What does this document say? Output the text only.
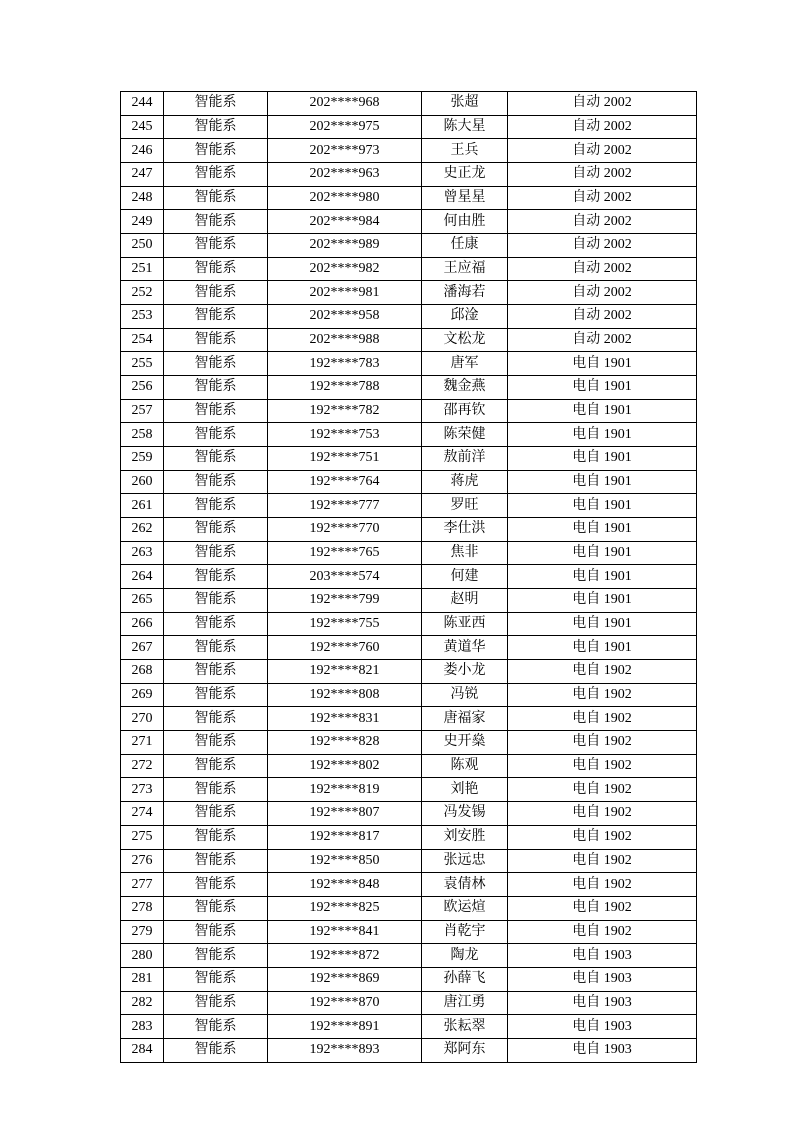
244	智能系	202****968	张超	自动 2002
245	智能系	202****975	陈大星	自动 2002
246	智能系	202****973	王兵	自动 2002
247	智能系	202****963	史正龙	自动 2002
248	智能系	202****980	曾星星	自动 2002
249	智能系	202****984	何由胜	自动 2002
250	智能系	202****989	任康	自动 2002
251	智能系	202****982	王应福	自动 2002
252	智能系	202****981	潘海若	自动 2002
253	智能系	202****958	邱淦	自动 2002
254	智能系	202****988	文松龙	自动 2002
255	智能系	192****783	唐军	电自 1901
256	智能系	192****788	魏金燕	电自 1901
257	智能系	192****782	邵再钦	电自 1901
258	智能系	192****753	陈荣健	电自 1901
259	智能系	192****751	敖前洋	电自 1901
260	智能系	192****764	蒋虎	电自 1901
261	智能系	192****777	罗旺	电自 1901
262	智能系	192****770	李仕洪	电自 1901
263	智能系	192****765	焦非	电自 1901
264	智能系	203****574	何建	电自 1901
265	智能系	192****799	赵明	电自 1901
266	智能系	192****755	陈亚西	电自 1901
267	智能系	192****760	黄道华	电自 1901
268	智能系	192****821	娄小龙	电自 1902
269	智能系	192****808	冯锐	电自 1902
270	智能系	192****831	唐福家	电自 1902
271	智能系	192****828	史开燊	电自 1902
272	智能系	192****802	陈观	电自 1902
273	智能系	192****819	刘艳	电自 1902
274	智能系	192****807	冯发锡	电自 1902
275	智能系	192****817	刘安胜	电自 1902
276	智能系	192****850	张远忠	电自 1902
277	智能系	192****848	袁倩林	电自 1902
278	智能系	192****825	欧运煊	电自 1902
279	智能系	192****841	肖乾宇	电自 1902
280	智能系	192****872	陶龙	电自 1903
281	智能系	192****869	孙薛飞	电自 1903
282	智能系	192****870	唐江勇	电自 1903
283	智能系	192****891	张耘翠	电自 1903
284	智能系	192****893	郑阿东	电自 1903
